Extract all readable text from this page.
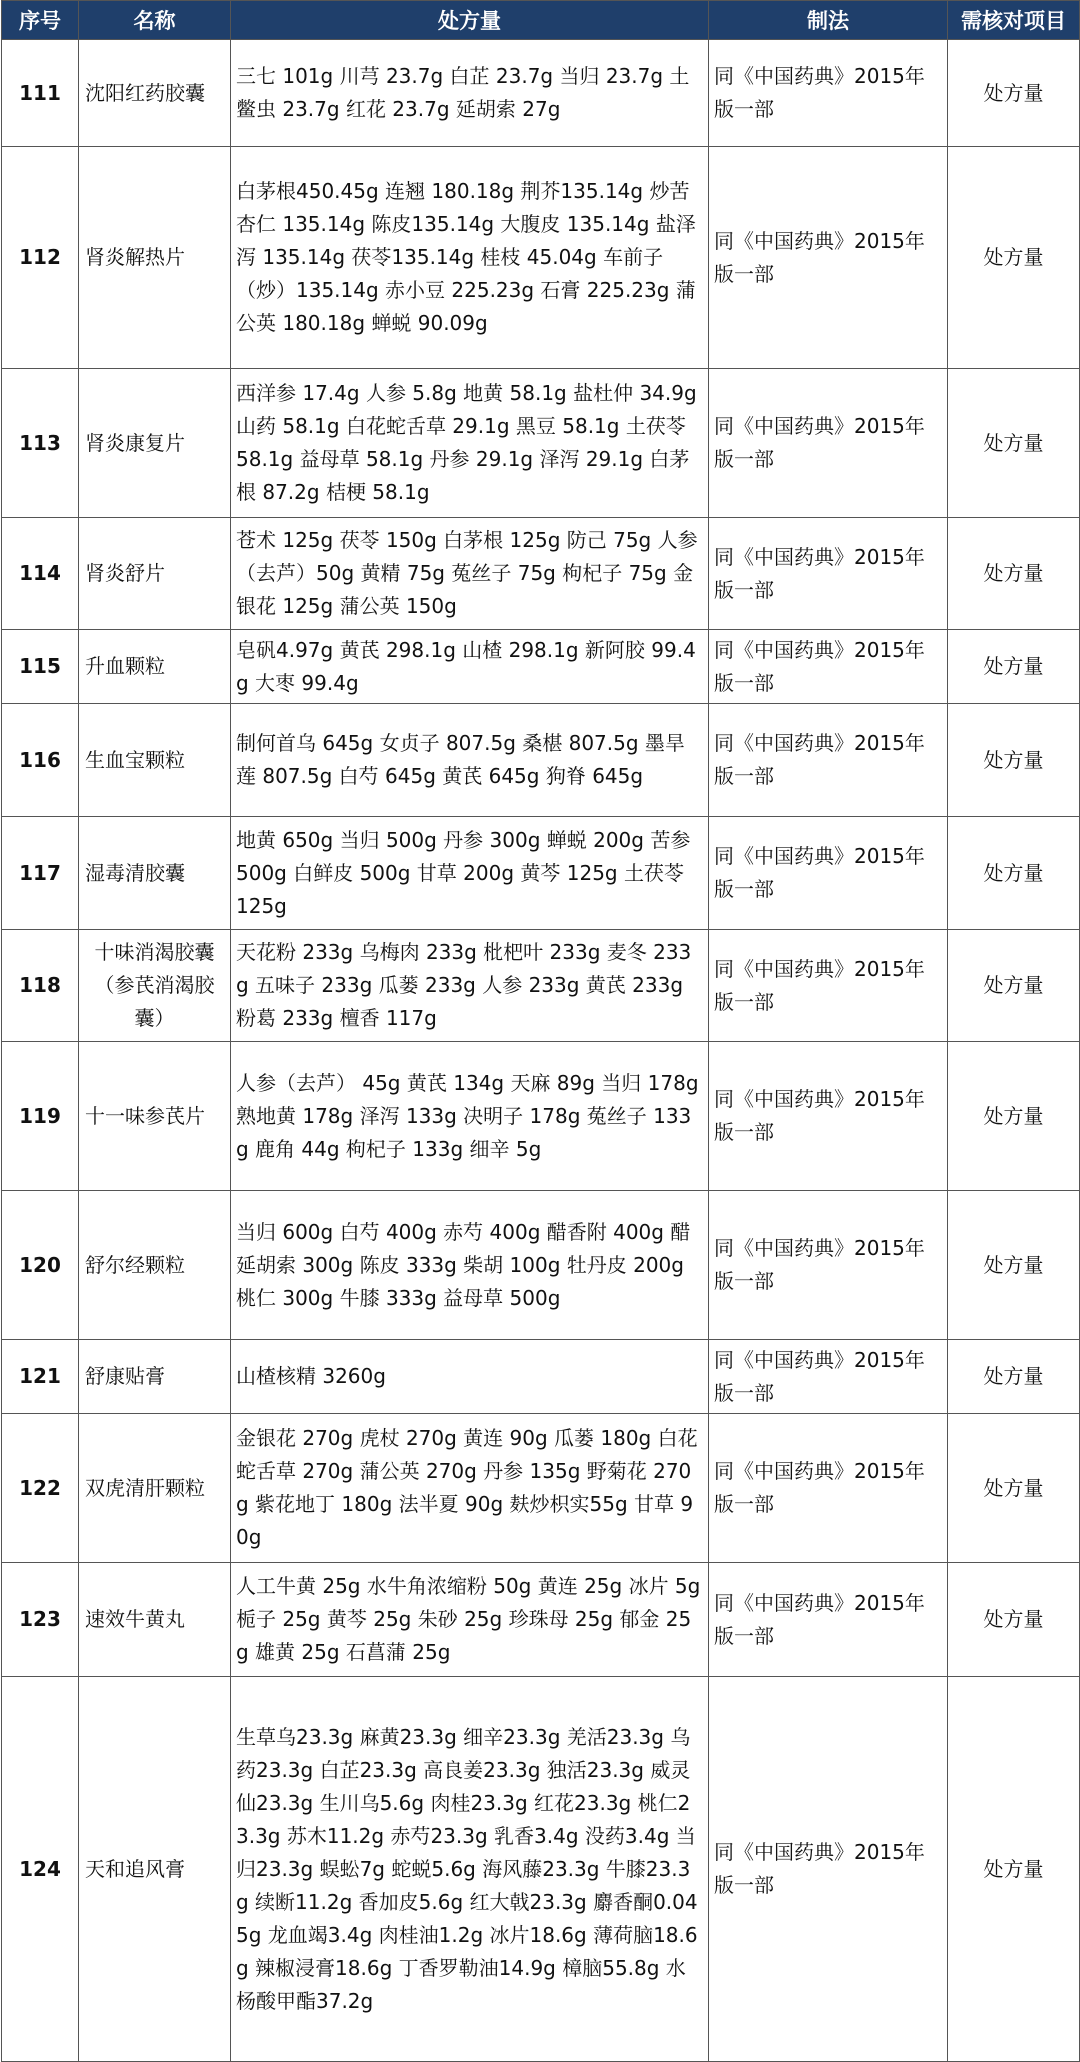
序号	名称	处方量	制法	需核对项目
111	沈阳红药胶囊	三七 101g 川芎 23.7g 白芷 23.7g 当归 23.7g 土鳖虫 23.7g 红花 23.7g 延胡索 27g	同《中国药典》2015年版一部	处方量
112	肾炎解热片	白茅根450.45g 连翘 180.18g 荆芥135.14g 炒苦杏仁 135.14g 陈皮135.14g 大腹皮 135.14g 盐泽泻 135.14g 茯苓135.14g 桂枝 45.04g 车前子（炒）135.14g 赤小豆 225.23g 石膏 225.23g 蒲公英 180.18g 蝉蜕 90.09g	同《中国药典》2015年版一部	处方量
113	肾炎康复片	西洋参 17.4g 人参 5.8g 地黄 58.1g 盐杜仲 34.9g 山药 58.1g 白花蛇舌草 29.1g 黑豆 58.1g 土茯苓 58.1g 益母草 58.1g 丹参 29.1g 泽泻 29.1g 白茅根 87.2g 桔梗 58.1g	同《中国药典》2015年版一部	处方量
114	肾炎舒片	苍术 125g 茯苓 150g 白茅根 125g 防己 75g 人参（去芦）50g 黄精 75g 菟丝子 75g 枸杞子 75g 金银花 125g 蒲公英 150g	同《中国药典》2015年版一部	处方量
115	升血颗粒	皂矾4.97g 黄芪 298.1g 山楂 298.1g 新阿胶 99.4g 大枣 99.4g	同《中国药典》2015年版一部	处方量
116	生血宝颗粒	制何首乌 645g 女贞子 807.5g 桑椹 807.5g 墨旱莲 807.5g 白芍 645g 黄芪 645g 狗脊 645g	同《中国药典》2015年版一部	处方量
117	湿毒清胶囊	地黄 650g 当归 500g 丹参 300g 蝉蜕 200g 苦参 500g 白鲜皮 500g 甘草 200g 黄芩 125g 土茯苓 125g	同《中国药典》2015年版一部	处方量
118	十味消渴胶囊（参芪消渴胶囊）	天花粉 233g 乌梅肉 233g 枇杷叶 233g 麦冬 233g 五味子 233g 瓜蒌 233g 人参 233g 黄芪 233g 粉葛 233g 檀香 117g	同《中国药典》2015年版一部	处方量
119	十一味参芪片	人参（去芦） 45g 黄芪 134g 天麻 89g 当归 178g 熟地黄 178g 泽泻 133g 决明子 178g 菟丝子 133g 鹿角 44g 枸杞子 133g 细辛 5g	同《中国药典》2015年版一部	处方量
120	舒尔经颗粒	当归 600g 白芍 400g 赤芍 400g 醋香附 400g 醋延胡索 300g 陈皮 333g 柴胡 100g 牡丹皮 200g 桃仁 300g 牛膝 333g 益母草 500g	同《中国药典》2015年版一部	处方量
121	舒康贴膏	山楂核精 3260g	同《中国药典》2015年版一部	处方量
122	双虎清肝颗粒	金银花 270g 虎杖 270g 黄连 90g 瓜蒌 180g 白花蛇舌草 270g 蒲公英 270g 丹参 135g 野菊花 270g 紫花地丁 180g 法半夏 90g 麸炒枳实55g 甘草 90g	同《中国药典》2015年版一部	处方量
123	速效牛黄丸	人工牛黄 25g 水牛角浓缩粉 50g 黄连 25g 冰片 5g 栀子 25g 黄芩 25g 朱砂 25g 珍珠母 25g 郁金 25g 雄黄 25g 石菖蒲 25g	同《中国药典》2015年版一部	处方量
124	天和追风膏	生草乌23.3g 麻黄23.3g 细辛23.3g 羌活23.3g 乌药23.3g 白芷23.3g 高良姜23.3g 独活23.3g 威灵仙23.3g 生川乌5.6g 肉桂23.3g 红花23.3g 桃仁23.3g 苏木11.2g 赤芍23.3g 乳香3.4g 没药3.4g 当归23.3g 蜈蚣7g 蛇蜕5.6g 海风藤23.3g 牛膝23.3g 续断11.2g 香加皮5.6g 红大戟23.3g 麝香酮0.045g 龙血竭3.4g 肉桂油1.2g 冰片18.6g 薄荷脑18.6g 辣椒浸膏18.6g 丁香罗勒油14.9g 樟脑55.8g 水杨酸甲酯37.2g	同《中国药典》2015年版一部	处方量
